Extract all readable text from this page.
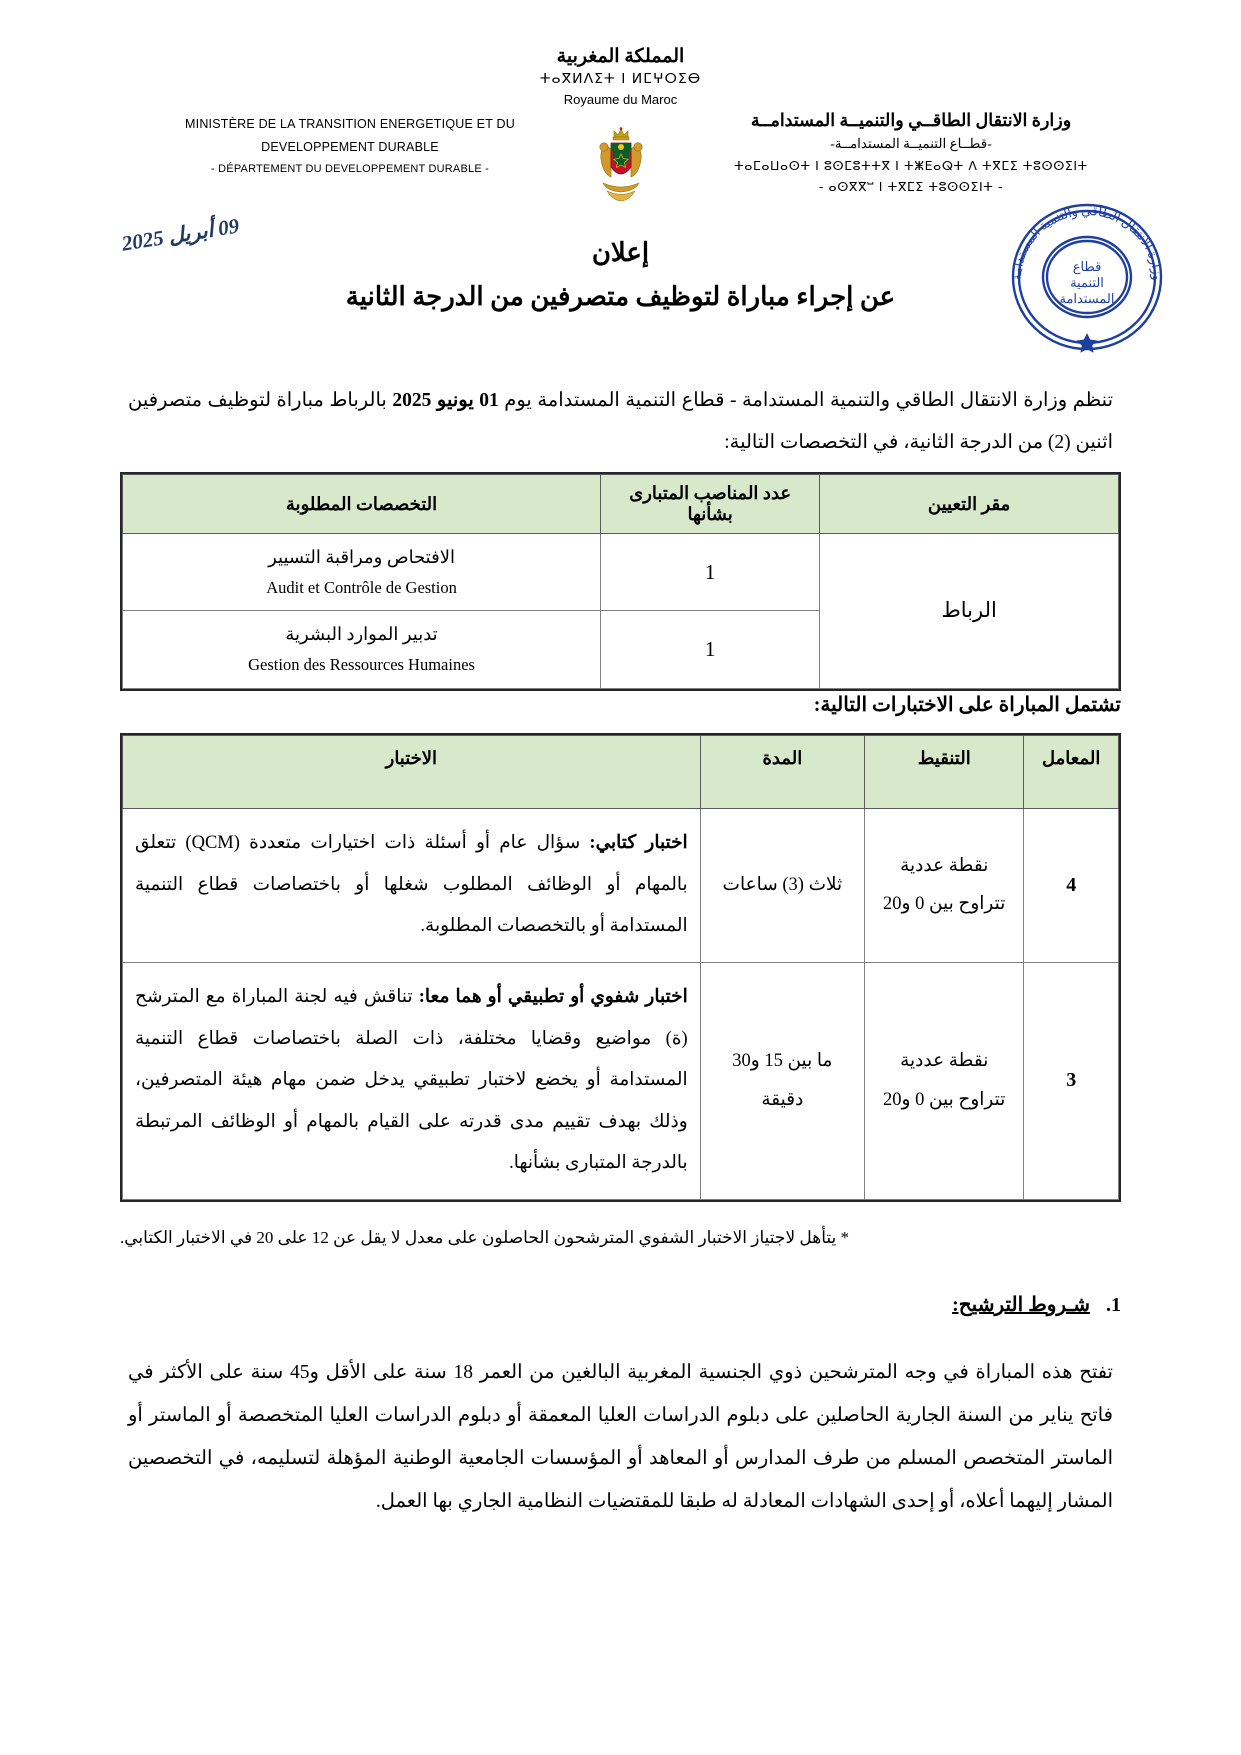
المملكة المغربية
ⵜⴰⴳⵍⴷⵉⵜ ⵏ ⵍⵎⵖⵔⵉⴱ
Royaume du Maroc
MINISTÈRE DE LA TRANSITION ENERGETIQUE ET DU
DEVELOPPEMENT DURABLE
- DÉPARTEMENT DU DEVELOPPEMENT DURABLE -
وزارة الانتقال الطاقــي والتنميــة المستدامــة
-قطــاع التنميــة المستدامــة-
ⵜⴰⵎⴰⵡⴰⵙⵜ ⵏ ⵓⵙⵎⵓⵜⵜⴳ ⵏ ⵜⵥⴹⴰⵕⵜ ⴷ ⵜⴳⵎⵉ ⵜⵓⵙⵙⵉⵏⵜ
- ⴰⵙⴳⴳⵯ ⵏ ⵜⴳⵎⵉ ⵜⵓⵙⵙⵉⵏⵜ -
09 أبريل 2025
إعلان
عن إجراء مباراة لتوظيف متصرفين من الدرجة الثانية
قطاع
التنمية
المستدامة
وزارة الانتقال الطاقي والتنمية المستدامة
تنظم وزارة الانتقال الطاقي والتنمية المستدامة - قطاع التنمية المستدامة يوم 01 يونيو 2025 بالرباط مباراة لتوظيف متصرفين اثنين (2) من الدرجة الثانية، في التخصصات التالية:
مقر التعيين	عدد المناصب المتبارى بشأنها	التخصصات المطلوبة
الرباط	1	الافتحاص ومراقبة التسيير
Audit et Contrôle de Gestion

	1	تدبير الموارد البشرية
Gestion des Ressources Humaines
تشتمل المباراة على الاختبارات التالية:
المعامل	التنقيط	المدة	الاختبار
4	نقطة عددية تتراوح بين 0 و20	ثلاث (3) ساعات	اختبار كتابي: سؤال عام أو أسئلة ذات اختيارات متعددة (QCM) تتعلق بالمهام أو الوظائف المطلوب شغلها أو باختصاصات قطاع التنمية المستدامة أو بالتخصصات المطلوبة.
3	نقطة عددية تتراوح بين 0 و20	ما بين 15 و30 دقيقة	اختبار شفوي أو تطبيقي أو هما معا: تناقش فيه لجنة المباراة مع المترشح (ة) مواضيع وقضايا مختلفة، ذات الصلة باختصاصات قطاع التنمية المستدامة أو يخضع لاختبار تطبيقي يدخل ضمن مهام هيئة المتصرفين، وذلك بهدف تقييم مدى قدرته على القيام بالمهام أو الوظائف المرتبطة بالدرجة المتبارى بشأنها.
* يتأهل لاجتياز الاختبار الشفوي المترشحون الحاصلون على معدل لا يقل عن 12 على 20 في الاختبار الكتابي.
1.
شـروط الترشيح:
تفتح هذه المباراة في وجه المترشحين ذوي الجنسية المغربية البالغين من العمر 18 سنة على الأقل و45 سنة على الأكثر في فاتح يناير من السنة الجارية الحاصلين على دبلوم الدراسات العليا المعمقة أو دبلوم الدراسات العليا المتخصصة أو الماستر أو الماستر المتخصص المسلم من طرف المدارس أو المعاهد أو المؤسسات الجامعية الوطنية المؤهلة لتسليمه، في التخصصين المشار إليهما أعلاه، أو إحدى الشهادات المعادلة له طبقا للمقتضيات النظامية الجاري بها العمل.
